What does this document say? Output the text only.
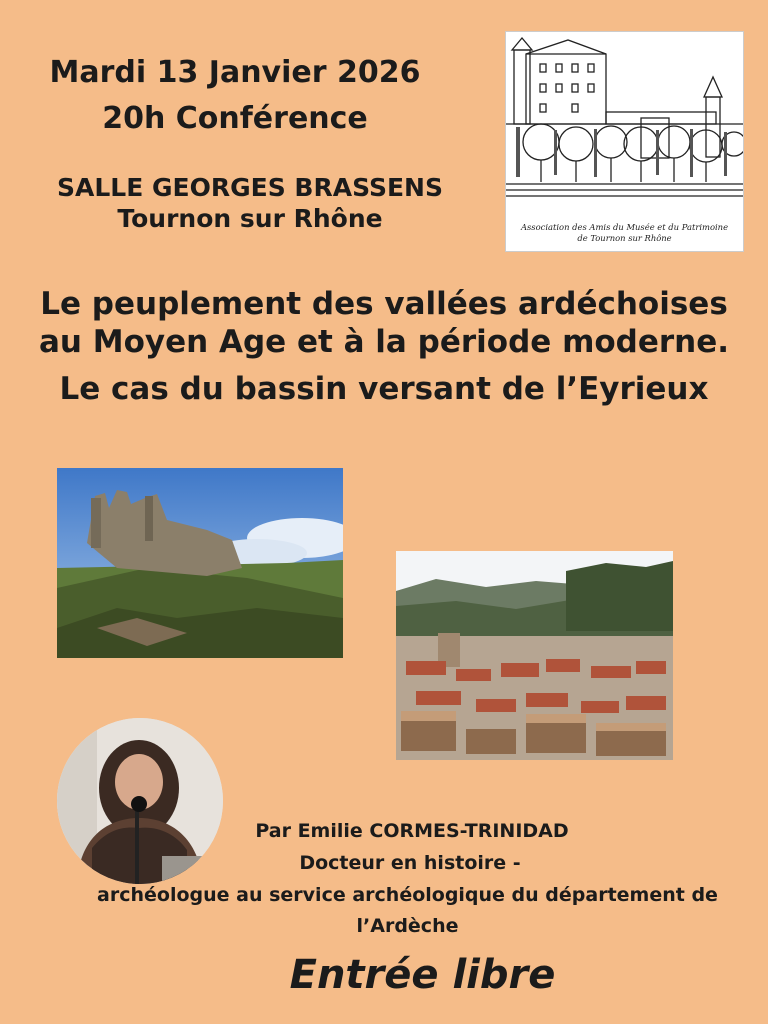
Mardi 13 Janvier 2026
20h Conférence
SALLE GEORGES BRASSENS
Tournon sur Rhône	Association des Amis du Musée et du Patrimoine
de Tournon sur Rhône
Le peuplement des vallées ardéchoises
au Moyen Age et à la période moderne.
Le cas du bassin versant de l’Eyrieux
Par Emilie CORMES-TRINIDAD
Docteur en histoire -
archéologue au service archéologique du département de
l’Ardèche
Entrée libre
